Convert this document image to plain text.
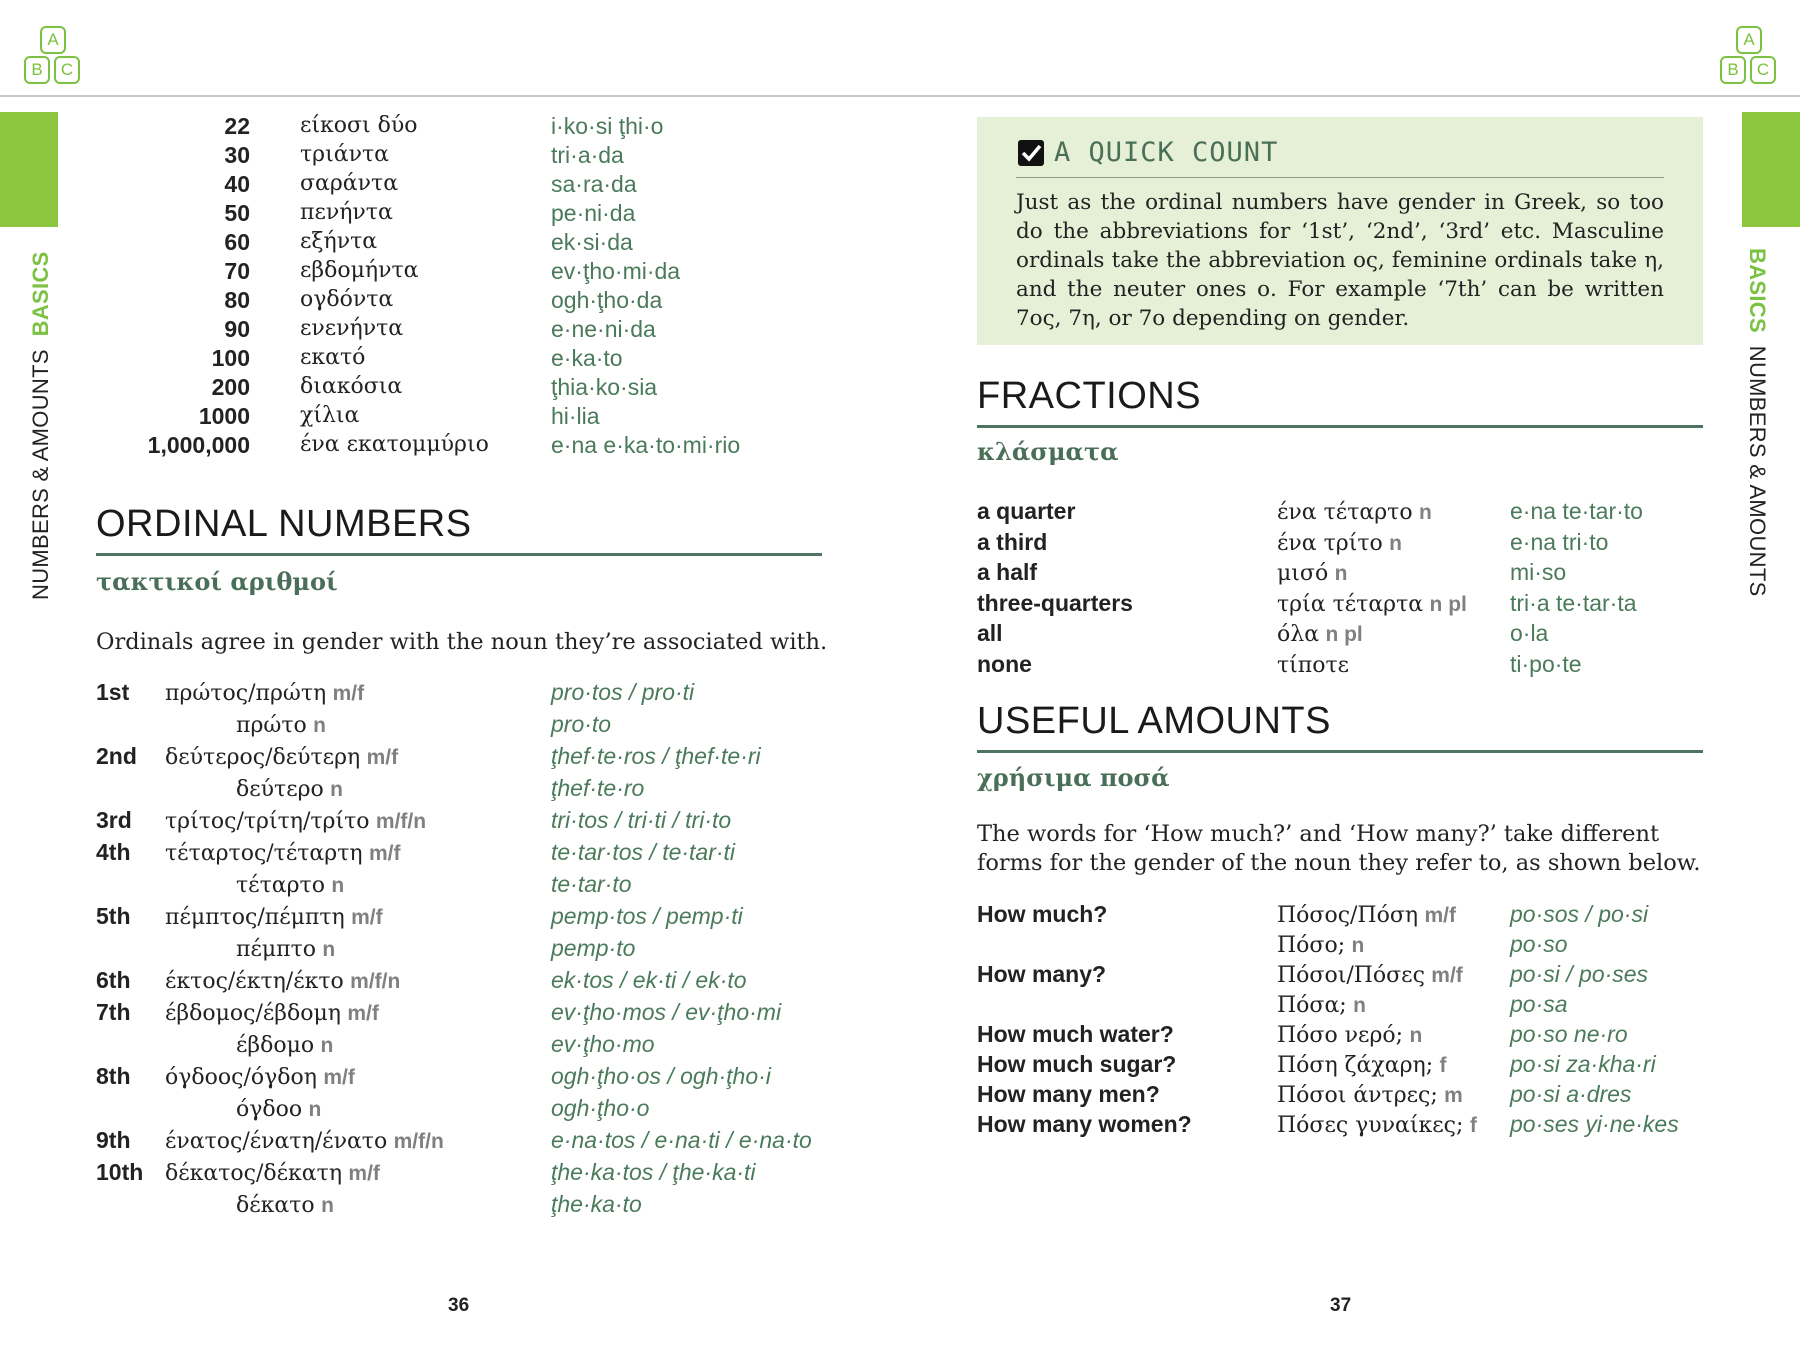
A
B	C
A
B	C
NUMBERS & AMOUNTS  BASICS	BASICS  NUMBERS & AMOUNTS
22 είκοσι δύο	i·ko·si ţhi·o
30 τριάντα	tri·a·da
40 σαράντα	sa·ra·da
50 πενήντα	pe·ni·da
60 εξήντα	ek·si·da
70 εβδομήντα	ev·ţho·mi·da
80 ογδόντα	ogh·ţho·da
90 ενενήντα	e·ne·ni·da
100 εκατό	e·ka·to
200 διακόσια	ţhia·ko·sia
1000 χίλια	hi·lia
1,000,000 ένα εκατομμύριο	e·na e·ka·to·mi·rio
ORDINAL NUMBERS
τακτικοί αριθμοί
Ordinals agree in gender with the noun they’re associated with.
1st πρώτος/πρώτη m/f	pro·tos / pro·ti
πρώτο n	pro·to
2nd δεύτερος/δεύτερη m/f	ţhef·te·ros / ţhef·te·ri
δεύτερο n	ţhef·te·ro
3rd τρίτος/τρίτη/τρίτο m/f/n	tri·tos / tri·ti / tri·to
4th τέταρτος/τέταρτη m/f	te·tar·tos / te·tar·ti
τέταρτο n	te·tar·to
5th πέμπτος/πέμπτη m/f	pemp·tos / pemp·ti
πέμπτο n	pemp·to
6th έκτος/έκτη/έκτο m/f/n	ek·tos / ek·ti / ek·to
7th έβδομος/έβδομη m/f	ev·ţho·mos / ev·ţho·mi
έβδομο n	ev·ţho·mo
8th όγδοος/όγδοη m/f	ogh·ţho·os / ogh·ţho·i
όγδοο n	ogh·ţho·o
9th ένατος/ένατη/ένατο m/f/n	e·na·tos / e·na·ti / e·na·to
10th δέκατος/δέκατη m/f	ţhe·ka·tos / ţhe·ka·ti
δέκατο n	ţhe·ka·to
A QUICK COUNT
Just as the ordinal numbers have gender in Greek, so too do the abbreviations for ‘1st’, ‘2nd’, ‘3rd’ etc. Masculine ordinals take the abbreviation ος, feminine ordinals take η, and the neuter ones ο. For example ‘7th’ can be written 7ος, 7η, or 7ο depending on gender.
FRACTIONS
κλάσματα
a quarter	ένα τέταρτο n	e·na te·tar·to
a third	ένα τρίτο n	e·na tri·to
a half	μισό n	mi·so
three-quarters	τρία τέταρτα n pl tri·a te·tar·ta
all	όλα n pl	o·la
none	τίποτε	ti·po·te
USEFUL AMOUNTS
χρήσιμα ποσά
The words for ‘How much?’ and ‘How many?’ take different forms for the gender of the noun they refer to, as shown below.
How much?	Πόσος/Πόση m/f po·sos / po·si
Πόσο; n	po·so
How many?	Πόσοι/Πόσες m/f po·si / po·ses
Πόσα; n	po·sa
How much water?	Πόσο νερό; n	po·so ne·ro
How much sugar?	Πόση ζάχαρη; f	po·si za·kha·ri
How many men?	Πόσοι άντρες; m po·si a·dres
How many women?	Πόσες γυναίκες; f po·ses yi·ne·kes
36	37
